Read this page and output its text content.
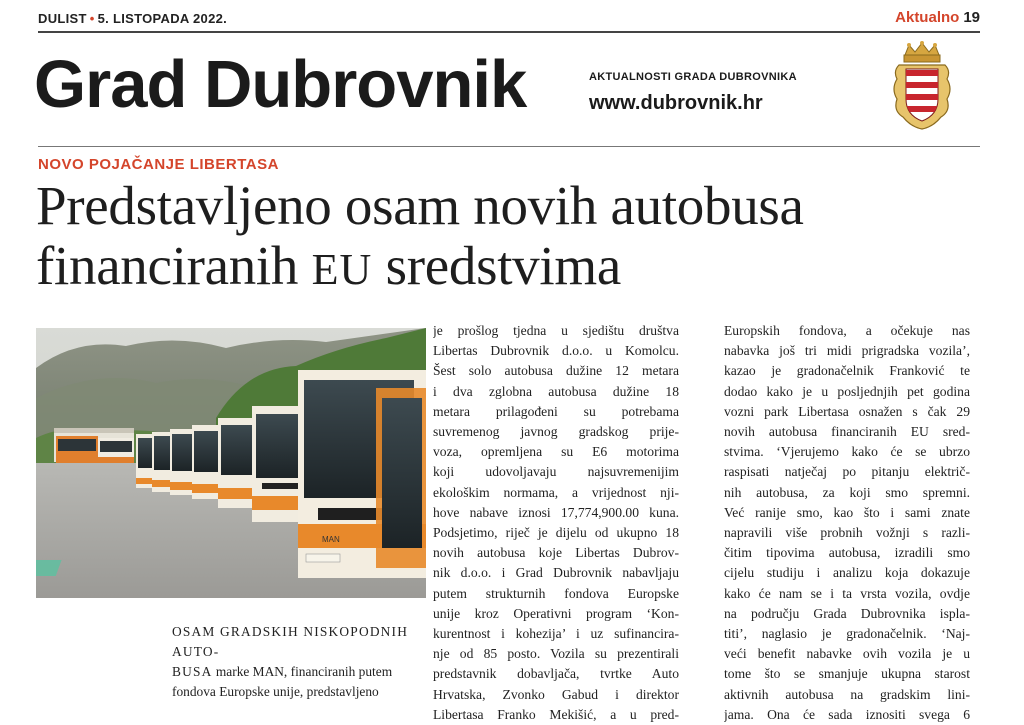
DULIST • 5. LISTOPADA 2022.	Aktualno 19
Grad Dubrovnik	AKTUALNOSTI GRADA DUBROVNIKA
www.dubrovnik.hr
NOVO POJAČANJE LIBERTASA
Predstavljeno osam novih autobusa
financiranih EU sredstvima
MAN
OSAM GRADSKIH NISKOPODNIH AUTO-
BUSA marke MAN, financiranih putem
fondova Europske unije, predstavljeno
je prošlog tjedna u sjedištu društva
Libertas Dubrovnik d.o.o. u Komolcu.
Šest solo autobusa dužine 12 metara
i dva zglobna autobusa dužine 18
metara prilagođeni su potrebama
suvremenog javnog gradskog prije-
voza, opremljena su E6 motorima
koji udovoljavaju najsuvremenijim
ekološkim normama, a vrijednost nji-
hove nabave iznosi 17,774,900.00 kuna.
Podsjetimo, riječ je dijelu od ukupno 18
novih autobusa koje Libertas Dubrov-
nik d.o.o. i Grad Dubrovnik nabavljaju
putem strukturnih fondova Europske
unije kroz Operativni program ‘Kon-
kurentnost i kohezija’ i uz sufinancira-
nje od 85 posto. Vozila su prezentirali
predstavnik dobavljača, tvrtke Auto
Hrvatska, Zvonko Gabud i direktor
Libertasa Franko Mekišić, a u pred-
Europskih fondova, a očekuje nas
nabavka još tri midi prigradska vozila’,
kazao je gradonačelnik Franković te
dodao kako je u posljednjih pet godina
vozni park Libertasa osnažen s čak 29
novih autobusa financiranih EU sred-
stvima. ‘Vjerujemo kako će se ubrzo
raspisati natječaj po pitanju električ-
nih autobusa, za koji smo spremni.
Već ranije smo, kao što i sami znate
napravili više probnih vožnji s razli-
čitim tipovima autobusa, izradili smo
cijelu studiju i analizu koja dokazuje
kako će nam se i ta vrsta vozila, ovdje
na području Grada Dubrovnika ispla-
titi’, naglasio je gradonačelnik. ‘Naj-
veći benefit nabavke ovih vozila je u
tome što se smanjuje ukupna starost
aktivnih autobusa na gradskim lini-
jama. Ona će sada iznositi svega 6
